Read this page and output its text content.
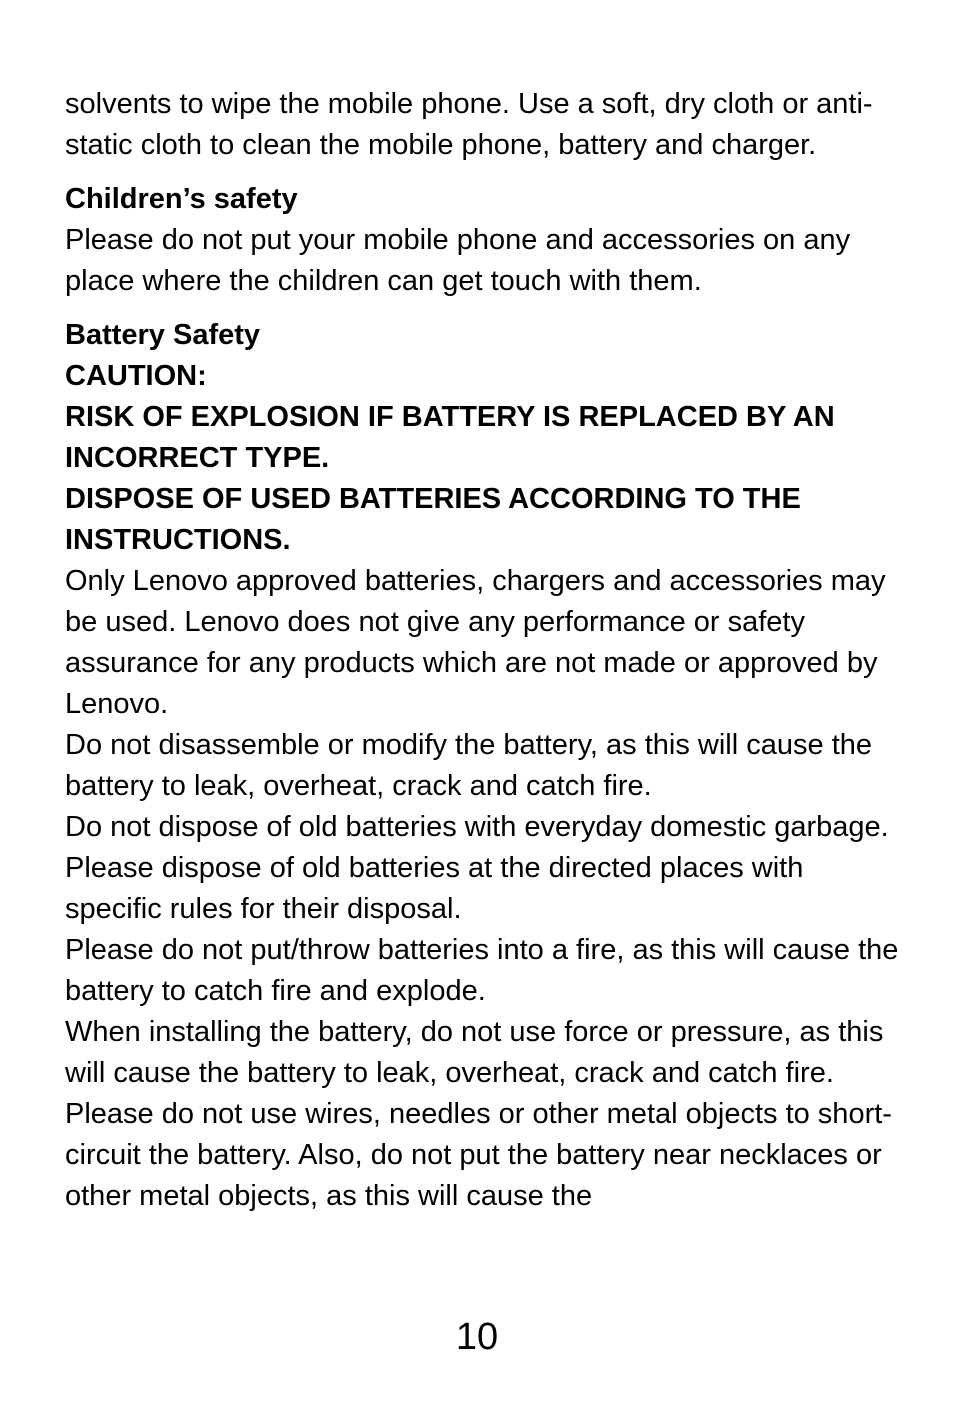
solvents to wipe the mobile phone. Use a soft, dry cloth or anti-static cloth to clean the mobile phone, battery and charger.

Children’s safety

Please do not put your mobile phone and accessories on any place where the children can get touch with them.

Battery Safety

CAUTION:

RISK OF EXPLOSION IF BATTERY IS REPLACED BY AN INCORRECT TYPE.

DISPOSE OF USED BATTERIES ACCORDING TO THE INSTRUCTIONS.

Only Lenovo approved batteries, chargers and accessories may be used. Lenovo does not give any performance or safety assurance for any products which are not made or approved by Lenovo.

Do not disassemble or modify the battery, as this will cause the battery to leak, overheat, crack and catch fire.

Do not dispose of old batteries with everyday domestic garbage. Please dispose of old batteries at the directed places with specific rules for their disposal.

Please do not put/throw batteries into a fire, as this will cause the battery to catch fire and explode.

When installing the battery, do not use force or pressure, as this will cause the battery to leak, overheat, crack and catch fire.

Please do not use wires, needles or other metal objects to short-circuit the battery. Also, do not put the battery near necklaces or other metal objects, as this will cause the

10
